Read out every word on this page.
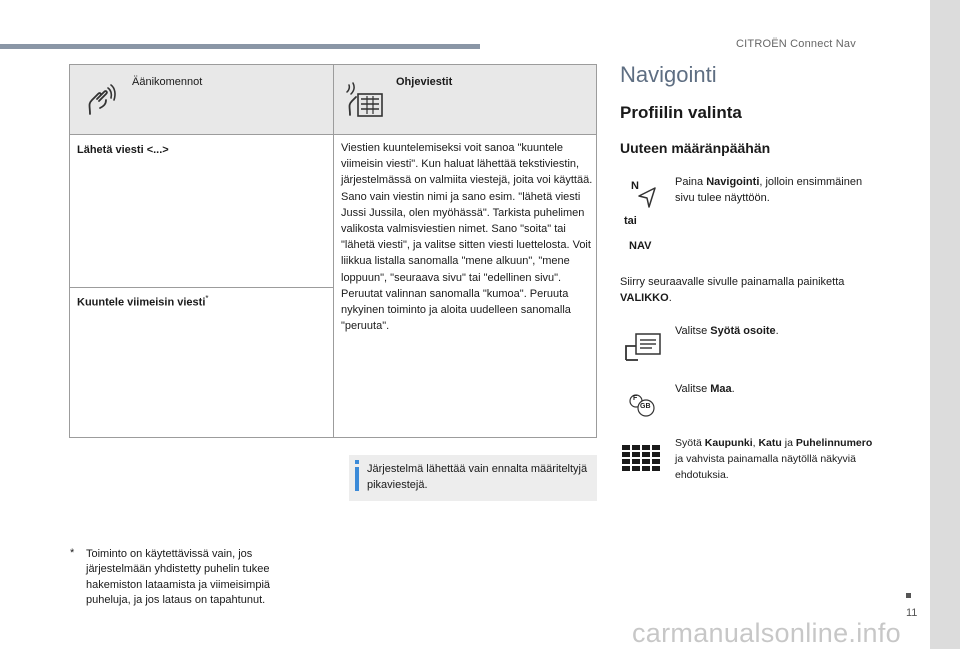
CITROËN Connect Nav
11
Äänikomennot	Ohjeviestit
Lähetä viesti <...>
Kuuntele viimeisin viesti*
Viestien kuuntelemiseksi voit sanoa "kuuntele viimeisin viesti". Kun haluat lähettää tekstiviestin, järjestelmässä on valmiita viestejä, joita voi käyttää. Sano vain viestin nimi ja sano esim. "lähetä viesti Jussi Jussila, olen myöhässä". Tarkista puhelimen valikosta valmisviestien nimet. Sano "soita" tai "lähetä viesti", ja valitse sitten viesti luettelosta. Voit liikkua listalla sanomalla "mene alkuun", "mene loppuun", "seuraava sivu" tai "edellinen sivu". Peruutat valinnan sanomalla "kumoa". Peruuta nykyinen toiminto ja aloita uudelleen sanomalla "peruuta".
Järjestelmä lähettää vain ennalta määriteltyjä pikaviestejä.
* Toiminto on käytettävissä vain, jos järjestelmään yhdistetty puhelin tukee hakemiston lataamista ja viimeisimpiä puheluja, ja jos lataus on tapahtunut.
Navigointi
Profiilin valinta
Uuteen määränpäähän
N
tai
NAV
Paina Navigointi, jolloin ensimmäinen sivu tulee näyttöön.
Siirry seuraavalle sivulle painamalla painiketta VALIKKO.
Valitse Syötä osoite.
F
GB
Valitse Maa.
Syötä Kaupunki, Katu ja Puhelinnumero ja vahvista painamalla näytöllä näkyviä ehdotuksia.
carmanualsonline.info
